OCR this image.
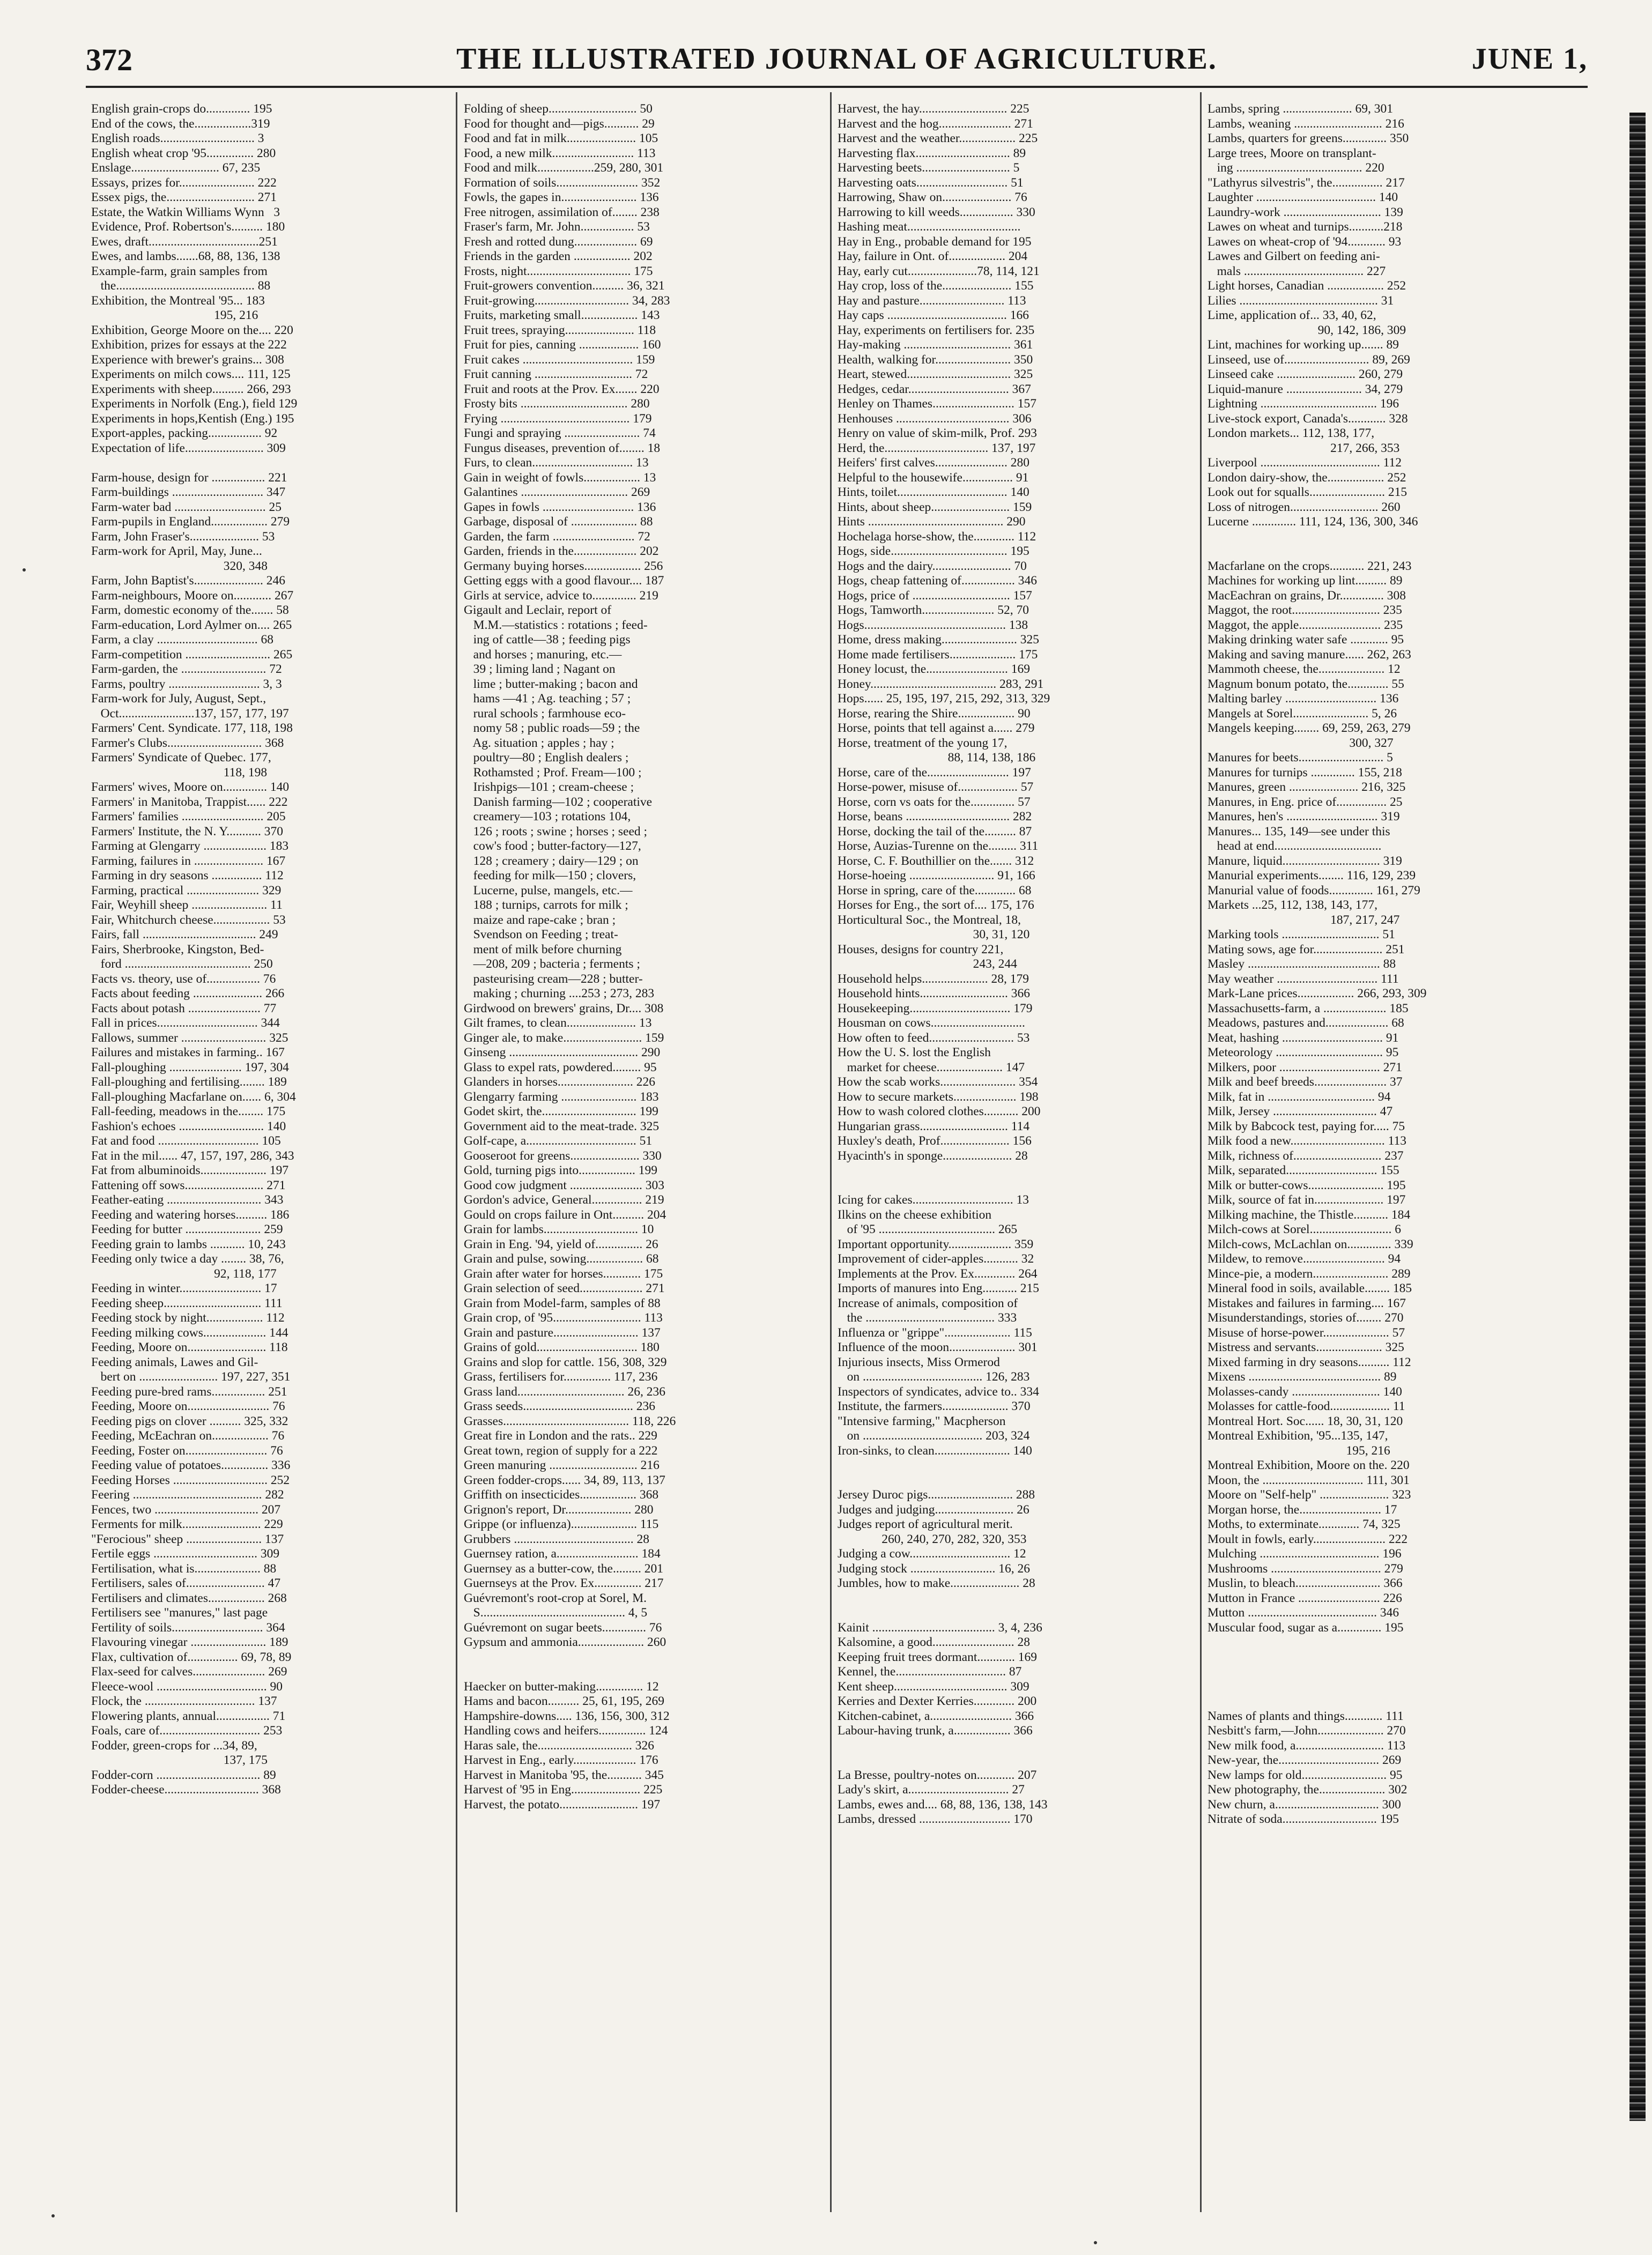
372	THE ILLUSTRATED JOURNAL OF AGRICULTURE.	JUNE 1,
English grain-crops do.............. 195
End of the cows, the..................319
English roads.............................. 3
English wheat crop '95............... 280
Enslage............................ 67, 235
Essays, prizes for........................ 222
Essex pigs, the............................ 271
Estate, the Watkin Williams Wynn   3
Evidence, Prof. Robertson's.......... 180
Ewes, draft...................................251
Ewes, and lambs.......68, 88, 136, 138
Example-farm, grain samples from
the............................................ 88
Exhibition, the Montreal '95... 183
195, 216
Exhibition, George Moore on the.... 220
Exhibition, prizes for essays at the 222
Experience with brewer's grains... 308
Experiments on milch cows.... 111, 125
Experiments with sheep.......... 266, 293
Experiments in Norfolk (Eng.), field 129
Experiments in hops,Kentish (Eng.) 195
Export-apples, packing................. 92
Expectation of life......................... 309
Farm-house, design for ................. 221
Farm-buildings ............................. 347
Farm-water bad ............................. 25
Farm-pupils in England.................. 279
Farm, John Fraser's...................... 53
Farm-work for April, May, June...
320, 348
Farm, John Baptist's...................... 246
Farm-neighbours, Moore on............ 267
Farm, domestic economy of the....... 58
Farm-education, Lord Aylmer on.... 265
Farm, a clay ................................ 68
Farm-competition ........................... 265
Farm-garden, the ........................... 72
Farms, poultry ............................. 3, 3
Farm-work for July, August, Sept.,
Oct........................137, 157, 177, 197
Farmers' Cent. Syndicate. 177, 118, 198
Farmer's Clubs.............................. 368
Farmers' Syndicate of Quebec. 177,
118, 198
Farmers' wives, Moore on.............. 140
Farmers' in Manitoba, Trappist...... 222
Farmers' families .......................... 205
Farmers' Institute, the N. Y........... 370
Farming at Glengarry .................... 183
Farming, failures in ...................... 167
Farming in dry seasons ................ 112
Farming, practical ....................... 329
Fair, Weyhill sheep ........................ 11
Fair, Whitchurch cheese.................. 53
Fairs, fall .................................... 249
Fairs, Sherbrooke, Kingston, Bed-
ford ........................................ 250
Facts vs. theory, use of................. 76
Facts about feeding ...................... 266
Facts about potash ....................... 77
Fall in prices................................ 344
Fallows, summer ........................... 325
Failures and mistakes in farming.. 167
Fall-ploughing ....................... 197, 304
Fall-ploughing and fertilising........ 189
Fall-ploughing Macfarlane on...... 6, 304
Fall-feeding, meadows in the........ 175
Fashion's echoes ........................... 140
Fat and food ................................ 105
Fat in the mil...... 47, 157, 197, 286, 343
Fat from albuminoids..................... 197
Fattening off sows......................... 271
Feather-eating .............................. 343
Feeding and watering horses.......... 186
Feeding for butter ........................ 259
Feeding grain to lambs ........... 10, 243
Feeding only twice a day ........ 38, 76,
92, 118, 177
Feeding in winter.......................... 17
Feeding sheep............................... 111
Feeding stock by night.................. 112
Feeding milking cows.................... 144
Feeding, Moore on......................... 118
Feeding animals, Lawes and Gil-
bert on ......................... 197, 227, 351
Feeding pure-bred rams................. 251
Feeding, Moore on.......................... 76
Feeding pigs on clover .......... 325, 332
Feeding, McEachran on.................. 76
Feeding, Foster on.......................... 76
Feeding value of potatoes............... 336
Feeding Horses .............................. 252
Feering ......................................... 282
Fences, two ................................. 207
Ferments for milk......................... 229
"Ferocious" sheep ........................ 137
Fertile eggs ................................. 309
Fertilisation, what is..................... 88
Fertilisers, sales of......................... 47
Fertilisers and climates.................. 268
Fertilisers see "manures," last page
Fertility of soils............................. 364
Flavouring vinegar ........................ 189
Flax, cultivation of................ 69, 78, 89
Flax-seed for calves....................... 269
Fleece-wool ................................... 90
Flock, the ................................... 137
Flowering plants, annual................. 71
Foals, care of................................ 253
Fodder, green-crops for ...34, 89,
137, 175
Fodder-corn ................................. 89
Fodder-cheese.............................. 368
Folding of sheep............................ 50
Food for thought and—pigs........... 29
Food and fat in milk...................... 105
Food, a new milk.......................... 113
Food and milk..................259, 280, 301
Formation of soils.......................... 352
Fowls, the gapes in........................ 136
Free nitrogen, assimilation of........ 238
Fraser's farm, Mr. John................. 53
Fresh and rotted dung.................... 69
Friends in the garden .................. 202
Frosts, night................................. 175
Fruit-growers convention.......... 36, 321
Fruit-growing.............................. 34, 283
Fruits, marketing small.................. 143
Fruit trees, spraying...................... 118
Fruit for pies, canning ................... 160
Fruit cakes ................................... 159
Fruit canning ............................... 72
Fruit and roots at the Prov. Ex....... 220
Frosty bits .................................. 280
Frying ......................................... 179
Fungi and spraying ........................ 74
Fungus diseases, prevention of........ 18
Furs, to clean................................ 13
Gain in weight of fowls.................. 13
Galantines .................................. 269
Gapes in fowls ............................. 136
Garbage, disposal of ..................... 88
Garden, the farm .......................... 72
Garden, friends in the.................... 202
Germany buying horses.................. 256
Getting eggs with a good flavour.... 187
Girls at service, advice to.............. 219
Gigault and Leclair, report of
M.M.—statistics : rotations ; feed-
ing of cattle—38 ; feeding pigs
and horses ; manuring, etc.—
39 ; liming land ; Nagant on
lime ; butter-making ; bacon and
hams —41 ; Ag. teaching ; 57 ;
rural schools ; farmhouse eco-
nomy 58 ; public roads—59 ; the
Ag. situation ; apples ; hay ;
poultry—80 ; English dealers ;
Rothamsted ; Prof. Fream—100 ;
Irishpigs—101 ; cream-cheese ;
Danish farming—102 ; cooperative
creamery—103 ; rotations 104,
126 ; roots ; swine ; horses ; seed ;
cow's food ; butter-factory—127,
128 ; creamery ; dairy—129 ; on
feeding for milk—150 ; clovers,
Lucerne, pulse, mangels, etc.—
188 ; turnips, carrots for milk ;
maize and rape-cake ; bran ;
Svendson on Feeding ; treat-
ment of milk before churning
—208, 209 ; bacteria ; ferments ;
pasteurising cream—228 ; butter-
making ; churning ....253 ; 273, 283
Girdwood on brewers' grains, Dr.... 308
Gilt frames, to clean...................... 13
Ginger ale, to make......................... 159
Ginseng ......................................... 290
Glass to expel rats, powdered......... 95
Glanders in horses........................ 226
Glengarry farming ........................ 183
Godet skirt, the.............................. 199
Government aid to the meat-trade. 325
Golf-cape, a................................... 51
Gooseroot for greens...................... 330
Gold, turning pigs into.................. 199
Good cow judgment ....................... 303
Gordon's advice, General................ 219
Gould on crops failure in Ont.......... 204
Grain for lambs.............................. 10
Grain in Eng. '94, yield of............... 26
Grain and pulse, sowing.................. 68
Grain after water for horses............ 175
Grain selection of seed.................... 271
Grain from Model-farm, samples of 88
Grain crop, of '95............................ 113
Grain and pasture........................... 137
Grains of gold................................ 180
Grains and slop for cattle. 156, 308, 329
Grass, fertilisers for............... 117, 236
Grass land.................................. 26, 236
Grass seeds................................... 236
Grasses........................................ 118, 226
Great fire in London and the rats.. 229
Great town, region of supply for a 222
Green manuring ............................ 216
Green fodder-crops...... 34, 89, 113, 137
Griffith on insecticides.................. 368
Grignon's report, Dr..................... 280
Grippe (or influenza)..................... 115
Grubbers ...................................... 28
Guernsey ration, a.......................... 184
Guernsey as a butter-cow, the......... 201
Guernseys at the Prov. Ex............... 217
Guévremont's root-crop at Sorel, M.
S.............................................. 4, 5
Guévremont on sugar beets.............. 76
Gypsum and ammonia..................... 260
Haecker on butter-making............... 12
Hams and bacon.......... 25, 61, 195, 269
Hampshire-downs..... 136, 156, 300, 312
Handling cows and heifers............... 124
Haras sale, the.............................. 326
Harvest in Eng., early.................... 176
Harvest in Manitoba '95, the........... 345
Harvest of '95 in Eng...................... 225
Harvest, the potato......................... 197
Harvest, the hay............................ 225
Harvest and the hog....................... 271
Harvest and the weather.................. 225
Harvesting flax.............................. 89
Harvesting beets............................ 5
Harvesting oats............................. 51
Harrowing, Shaw on...................... 76
Harrowing to kill weeds................. 330
Hashing meat....................................
Hay in Eng., probable demand for 195
Hay, failure in Ont. of.................. 204
Hay, early cut......................78, 114, 121
Hay crop, loss of the...................... 155
Hay and pasture........................... 113
Hay caps ...................................... 166
Hay, experiments on fertilisers for. 235
Hay-making .................................. 361
Health, walking for........................ 350
Heart, stewed................................. 325
Hedges, cedar................................ 367
Henley on Thames.......................... 157
Henhouses .................................... 306
Henry on value of skim-milk, Prof. 293
Herd, the................................. 137, 197
Heifers' first calves....................... 280
Helpful to the housewife................ 91
Hints, toilet................................... 140
Hints, about sheep......................... 159
Hints ........................................... 290
Hochelaga horse-show, the............. 112
Hogs, side..................................... 195
Hogs and the dairy......................... 70
Hogs, cheap fattening of................. 346
Hogs, price of ............................... 157
Hogs, Tamworth....................... 52, 70
Hogs............................................. 138
Home, dress making........................ 325
Home made fertilisers..................... 175
Honey locust, the.......................... 169
Honey........................................ 283, 291
Hops...... 25, 195, 197, 215, 292, 313, 329
Horse, rearing the Shire.................. 90
Horse, points that tell against a...... 279
Horse, treatment of the young 17,
88, 114, 138, 186
Horse, care of the.......................... 197
Horse-power, misuse of................... 57
Horse, corn vs oats for the.............. 57
Horse, beans ................................. 282
Horse, docking the tail of the.......... 87
Horse, Auzias-Turenne on the......... 311
Horse, C. F. Bouthillier on the....... 312
Horse-hoeing ........................... 91, 166
Horse in spring, care of the............. 68
Horses for Eng., the sort of.... 175, 176
Horticultural Soc., the Montreal, 18,
30, 31, 120
Houses, designs for country 221,
243, 244
Household helps..................... 28, 179
Household hints............................ 366
Housekeeping................................ 179
Housman on cows..............................
How often to feed........................... 53
How the U. S. lost the English
market for cheese..................... 147
How the scab works........................ 354
How to secure markets.................... 198
How to wash colored clothes........... 200
Hungarian grass............................ 114
Huxley's death, Prof...................... 156
Hyacinth's in sponge...................... 28
Icing for cakes................................ 13
Ilkins on the cheese exhibition
of '95 ..................................... 265
Important opportunity.................... 359
Improvement of cider-apples........... 32
Implements at the Prov. Ex............. 264
Imports of manures into Eng........... 215
Increase of animals, composition of
the ......................................... 333
Influenza or "grippe"..................... 115
Influence of the moon..................... 301
Injurious insects, Miss Ormerod
on ...................................... 126, 283
Inspectors of syndicates, advice to.. 334
Institute, the farmers..................... 370
"Intensive farming," Macpherson
on ...................................... 203, 324
Iron-sinks, to clean........................ 140
Jersey Duroc pigs........................... 288
Judges and judging......................... 26
Judges report of agricultural merit.
260, 240, 270, 282, 320, 353
Judging a cow................................ 12
Judging stock ........................... 16, 26
Jumbles, how to make...................... 28
Kainit ....................................... 3, 4, 236
Kalsomine, a good.......................... 28
Keeping fruit trees dormant............ 169
Kennel, the................................... 87
Kent sheep.................................... 309
Kerries and Dexter Kerries............. 200
Kitchen-cabinet, a.......................... 366
Labour-having trunk, a.................. 366
La Bresse, poultry-notes on............ 207
Lady's skirt, a................................ 27
Lambs, ewes and.... 68, 88, 136, 138, 143
Lambs, dressed ............................. 170
Lambs, spring ...................... 69, 301
Lambs, weaning ............................ 216
Lambs, quarters for greens.............. 350
Large trees, Moore on transplant-
ing ........................................ 220
"Lathyrus silvestris", the................ 217
Laughter ...................................... 140
Laundry-work ............................... 139
Lawes on wheat and turnips...........218
Lawes on wheat-crop of '94............ 93
Lawes and Gilbert on feeding ani-
mals ...................................... 227
Light horses, Canadian .................. 252
Lilies ............................................ 31
Lime, application of... 33, 40, 62,
90, 142, 186, 309
Lint, machines for working up....... 89
Linseed, use of........................... 89, 269
Linseed cake ......................... 260, 279
Liquid-manure ........................ 34, 279
Lightning ..................................... 196
Live-stock export, Canada's............ 328
London markets... 112, 138, 177,
217, 266, 353
Liverpool ...................................... 112
London dairy-show, the.................. 252
Look out for squalls........................ 215
Loss of nitrogen............................ 260
Lucerne .............. 111, 124, 136, 300, 346
Macfarlane on the crops........... 221, 243
Machines for working up lint.......... 89
MacEachran on grains, Dr.............. 308
Maggot, the root............................ 235
Maggot, the apple.......................... 235
Making drinking water safe ............ 95
Making and saving manure...... 262, 263
Mammoth cheese, the..................... 12
Magnum bonum potato, the............. 55
Malting barley ............................. 136
Mangels at Sorel........................ 5, 26
Mangels keeping........ 69, 259, 263, 279
300, 327
Manures for beets........................... 5
Manures for turnips .............. 155, 218
Manures, green ...................... 216, 325
Manures, in Eng. price of................ 25
Manures, hen's ............................. 319
Manures... 135, 149—see under this
head at end..................................
Manure, liquid............................... 319
Manurial experiments........ 116, 129, 239
Manurial value of foods.............. 161, 279
Markets ...25, 112, 138, 143, 177,
187, 217, 247
Marking tools ............................... 51
Mating sows, age for...................... 251
Masley .......................................... 88
May weather ................................ 111
Mark-Lane prices.................. 266, 293, 309
Massachusetts-farm, a .................... 185
Meadows, pastures and.................... 68
Meat, hashing ................................ 91
Meteorology .................................. 95
Milkers, poor ................................ 271
Milk and beef breeds....................... 37
Milk, fat in .................................. 94
Milk, Jersey ................................. 47
Milk by Babcock test, paying for..... 75
Milk food a new.............................. 113
Milk, richness of............................ 237
Milk, separated............................. 155
Milk or butter-cows........................ 195
Milk, source of fat in...................... 197
Milking machine, the Thistle........... 184
Milch-cows at Sorel.......................... 6
Milch-cows, McLachlan on.............. 339
Mildew, to remove.......................... 94
Mince-pie, a modern........................ 289
Mineral food in soils, available........ 185
Mistakes and failures in farming.... 167
Misunderstandings, stories of........ 270
Misuse of horse-power..................... 57
Mistress and servants..................... 325
Mixed farming in dry seasons.......... 112
Mixens .......................................... 89
Molasses-candy ............................ 140
Molasses for cattle-food................... 11
Montreal Hort. Soc...... 18, 30, 31, 120
Montreal Exhibition, '95...135, 147,
195, 216
Montreal Exhibition, Moore on the. 220
Moon, the ................................ 111, 301
Moore on "Self-help" ...................... 323
Morgan horse, the.......................... 17
Moths, to exterminate............. 74, 325
Moult in fowls, early....................... 222
Mulching ...................................... 196
Mushrooms ................................... 279
Muslin, to bleach........................... 366
Mutton in France .......................... 226
Mutton ......................................... 346
Muscular food, sugar as a.............. 195
Names of plants and things............ 111
Nesbitt's farm,—John..................... 270
New milk food, a............................ 113
New-year, the................................ 269
New lamps for old........................... 95
New photography, the..................... 302
New churn, a................................. 300
Nitrate of soda.............................. 195
